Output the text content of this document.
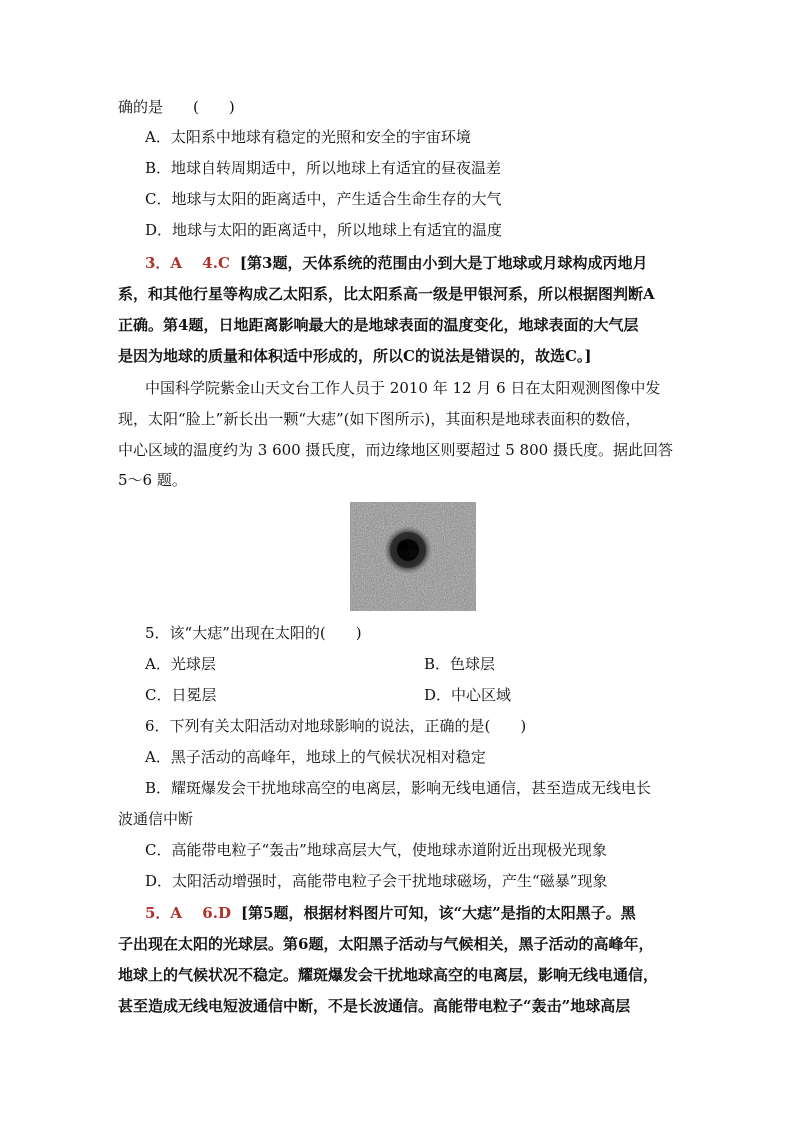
确的是　　(　　)
A．太阳系中地球有稳定的光照和安全的宇宙环境
B．地球自转周期适中，所以地球上有适宜的昼夜温差
C．地球与太阳的距离适中，产生适合生命生存的大气
D．地球与太阳的距离适中，所以地球上有适宜的温度
3．A　 4.C [第3题，天体系统的范围由小到大是丁地球或月球构成丙地月
系，和其他行星等构成乙太阳系，比太阳系高一级是甲银河系，所以根据图判断A
正确。第4题，日地距离影响最大的是地球表面的温度变化，地球表面的大气层
是因为地球的质量和体积适中形成的，所以C的说法是错误的，故选C。]
中国科学院紫金山天文台工作人员于 2010 年 12 月 6 日在太阳观测图像中发
现，太阳“脸上”新长出一颗“大痣”(如下图所示)，其面积是地球表面积的数倍，
中心区域的温度约为 3 600 摄氏度，而边缘地区则要超过 5 800 摄氏度。据此回答
5～6 题。
5．该“大痣”出现在太阳的(　　)
A．光球层	B．色球层
C．日冕层	D．中心区域
6．下列有关太阳活动对地球影响的说法，正确的是(　　)
A．黑子活动的高峰年，地球上的气候状况相对稳定
B．耀斑爆发会干扰地球高空的电离层，影响无线电通信，甚至造成无线电长
波通信中断
C．高能带电粒子“轰击”地球高层大气，使地球赤道附近出现极光现象
D．太阳活动增强时，高能带电粒子会干扰地球磁场，产生“磁暴”现象
5．A　 6.D [第5题，根据材料图片可知，该“大痣”是指的太阳黑子。黑
子出现在太阳的光球层。第6题，太阳黑子活动与气候相关，黑子活动的高峰年，
地球上的气候状况不稳定。耀斑爆发会干扰地球高空的电离层，影响无线电通信，
甚至造成无线电短波通信中断，不是长波通信。高能带电粒子“轰击”地球高层
